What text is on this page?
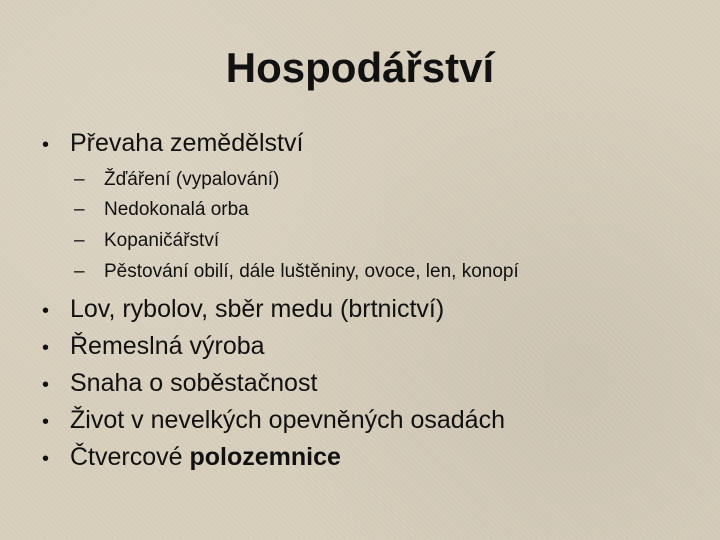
Hospodářství
• Převaha zemědělství
– Žďáření (vypalování)
– Nedokonalá orba
– Kopaničářství
– Pěstování obilí, dále luštěniny, ovoce, len, konopí
• Lov, rybolov, sběr medu (brtnictví)
• Řemeslná výroba
• Snaha o soběstačnost
• Život v nevelkých opevněných osadách
• Čtvercové polozemnice
